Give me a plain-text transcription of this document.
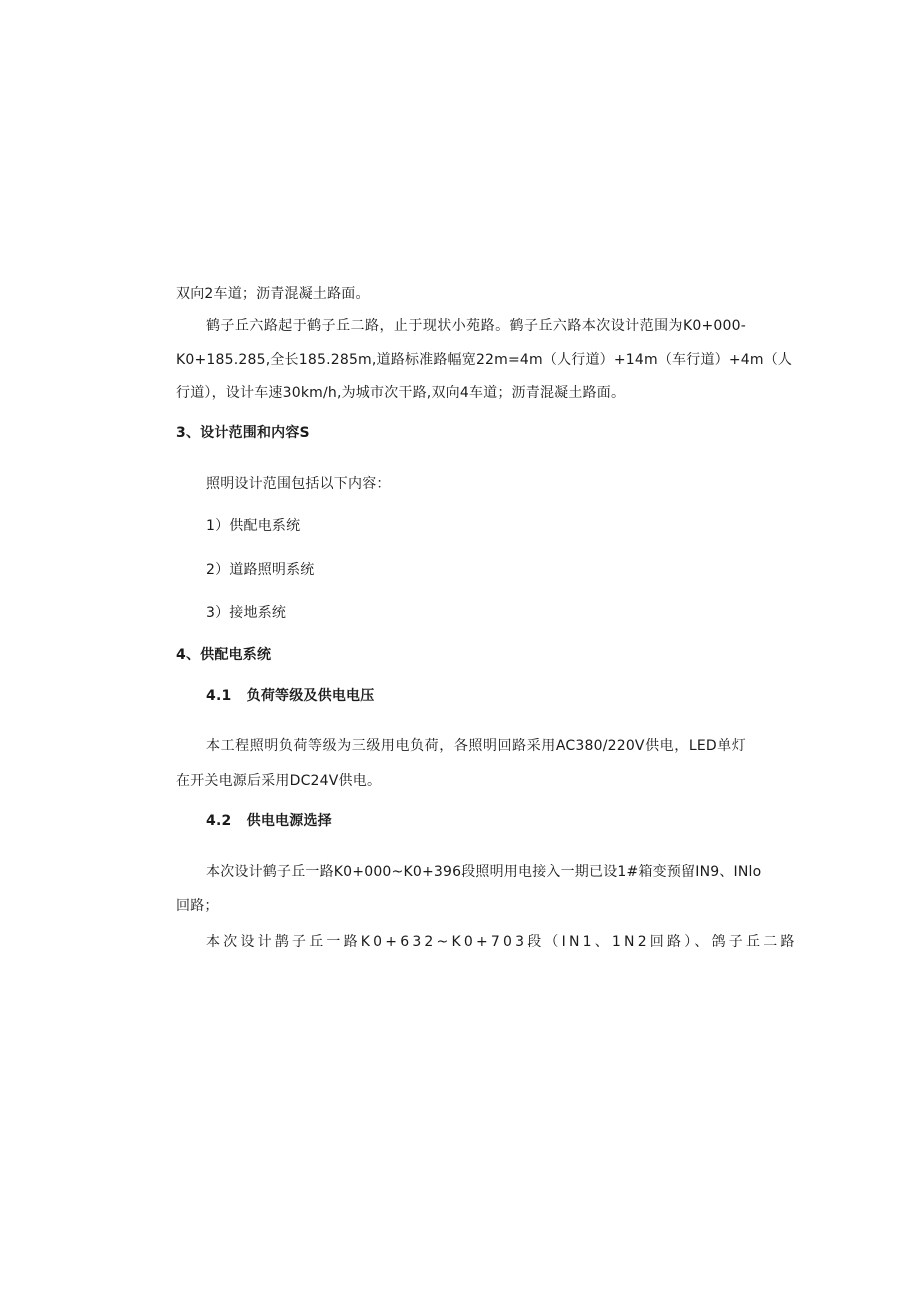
双向2车道；沥青混凝土路面。
鹤子丘六路起于鹤子丘二路，止于现状小苑路。鹤子丘六路本次设计范围为K0+000-
K0+185.285,全长185.285m,道路标准路幅宽22m=4m（人行道）+14m（车行道）+4m（人
行道），设计车速30km∕h,为城市次干路,双向4车道；沥青混凝土路面。
3、设计范围和内容S
照明设计范围包括以下内容：
1）供配电系统
2）道路照明系统
3）接地系统
4、供配电系统
4.1 负荷等级及供电电压
本工程照明负荷等级为三级用电负荷，各照明回路采用AC380/220V供电，LED单灯
在开关电源后采用DC24V供电。
4.2 供电电源选择
本次设计鹤子丘一路K0+000~K0+396段照明用电接入一期已设1#箱变预留IN9、INlo
回路；
本次设计鹊子丘一路K0+632~K0+703段（IN1、1N2回路）、鸽子丘二路
